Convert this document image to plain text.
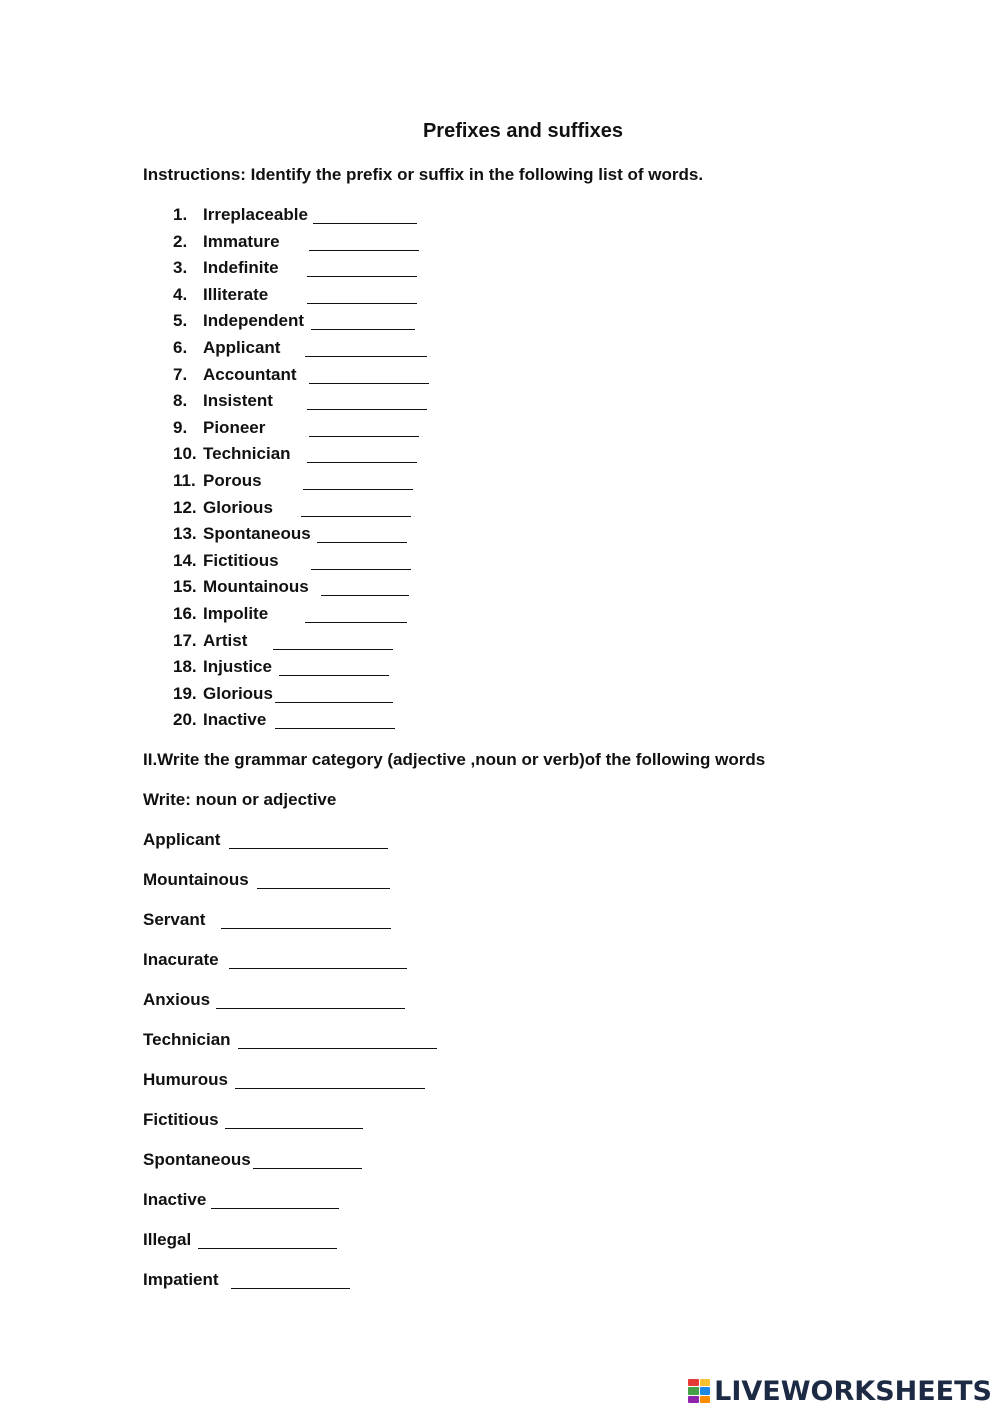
Prefixes and suffixes

Instructions: Identify the prefix or suffix in the following list of words.

1. Irreplaceable
2. Immature
3. Indefinite
4. Illiterate
5. Independent
6. Applicant
7. Accountant
8. Insistent
9. Pioneer
10. Technician
11. Porous
12. Glorious
13. Spontaneous
14. Fictitious
15. Mountainous
16. Impolite
17. Artist
18. Injustice
19. Glorious
20. Inactive

II.Write the grammar category (adjective ,noun or verb)of the following words

Write: noun or adjective

Applicant
Mountainous
Servant
Inacurate
Anxious
Technician
Humurous
Fictitious
Spontaneous
Inactive
Illegal
Impatient
LIVEWORKSHEETS
